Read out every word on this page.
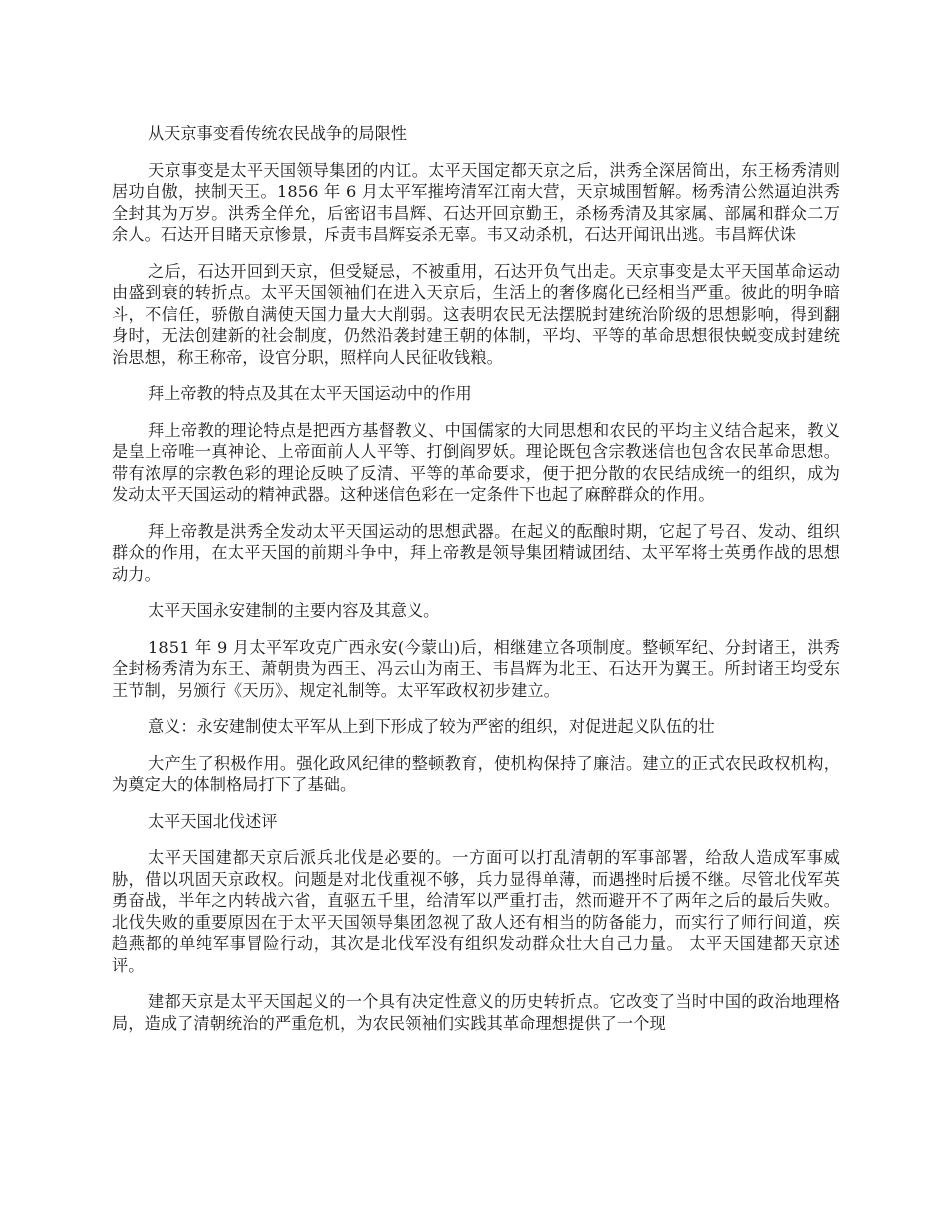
从天京事变看传统农民战争的局限性

天京事变是太平天国领导集团的内讧。太平天国定都天京之后，洪秀全深居简出，东王杨秀清则居功自傲，挟制天王。1856 年 6 月太平军摧垮清军江南大营，天京城围暂解。杨秀清公然逼迫洪秀全封其为万岁。洪秀全佯允，后密诏韦昌辉、石达开回京勤王，杀杨秀清及其家属、部属和群众二万余人。石达开目睹天京惨景，斥责韦昌辉妄杀无辜。韦又动杀机，石达开闻讯出逃。韦昌辉伏诛

之后，石达开回到天京，但受疑忌，不被重用，石达开负气出走。天京事变是太平天国革命运动由盛到衰的转折点。太平天国领袖们在进入天京后，生活上的奢侈腐化已经相当严重。彼此的明争暗斗，不信任，骄傲自满使天国力量大大削弱。这表明农民无法摆脱封建统治阶级的思想影响，得到翻身时，无法创建新的社会制度，仍然沿袭封建王朝的体制，平均、平等的革命思想很快蜕变成封建统治思想，称王称帝，设官分职，照样向人民征收钱粮。

拜上帝教的特点及其在太平天国运动中的作用

拜上帝教的理论特点是把西方基督教义、中国儒家的大同思想和农民的平均主义结合起来，教义是皇上帝唯一真神论、上帝面前人人平等、打倒阎罗妖。理论既包含宗教迷信也包含农民革命思想。带有浓厚的宗教色彩的理论反映了反清、平等的革命要求，便于把分散的农民结成统一的组织，成为发动太平天国运动的精神武器。这种迷信色彩在一定条件下也起了麻醉群众的作用。

拜上帝教是洪秀全发动太平天国运动的思想武器。在起义的酝酿时期，它起了号召、发动、组织群众的作用，在太平天国的前期斗争中，拜上帝教是领导集团精诚团结、太平军将士英勇作战的思想动力。

太平天国永安建制的主要内容及其意义。

1851 年 9 月太平军攻克广西永安(今蒙山)后，相继建立各项制度。整顿军纪、分封诸王，洪秀全封杨秀清为东王、萧朝贵为西王、冯云山为南王、韦昌辉为北王、石达开为翼王。所封诸王均受东王节制，另颁行《天历》、规定礼制等。太平军政权初步建立。

意义：永安建制使太平军从上到下形成了较为严密的组织，对促进起义队伍的壮

大产生了积极作用。强化政风纪律的整顿教育，使机构保持了廉洁。建立的正式农民政权机构，为奠定大的体制格局打下了基础。

太平天国北伐述评

太平天国建都天京后派兵北伐是必要的。一方面可以打乱清朝的军事部署，给敌人造成军事威胁，借以巩固天京政权。问题是对北伐重视不够，兵力显得单薄，而遇挫时后援不继。尽管北伐军英勇奋战，半年之内转战六省，直驱五千里，给清军以严重打击，然而避开不了两年之后的最后失败。北伐失败的重要原因在于太平天国领导集团忽视了敌人还有相当的防备能力，而实行了师行间道，疾趋燕都的单纯军事冒险行动，其次是北伐军没有组织发动群众壮大自己力量。 太平天国建都天京述评。

建都天京是太平天国起义的一个具有决定性意义的历史转折点。它改变了当时中国的政治地理格局，造成了清朝统治的严重危机，为农民领袖们实践其革命理想提供了一个现
